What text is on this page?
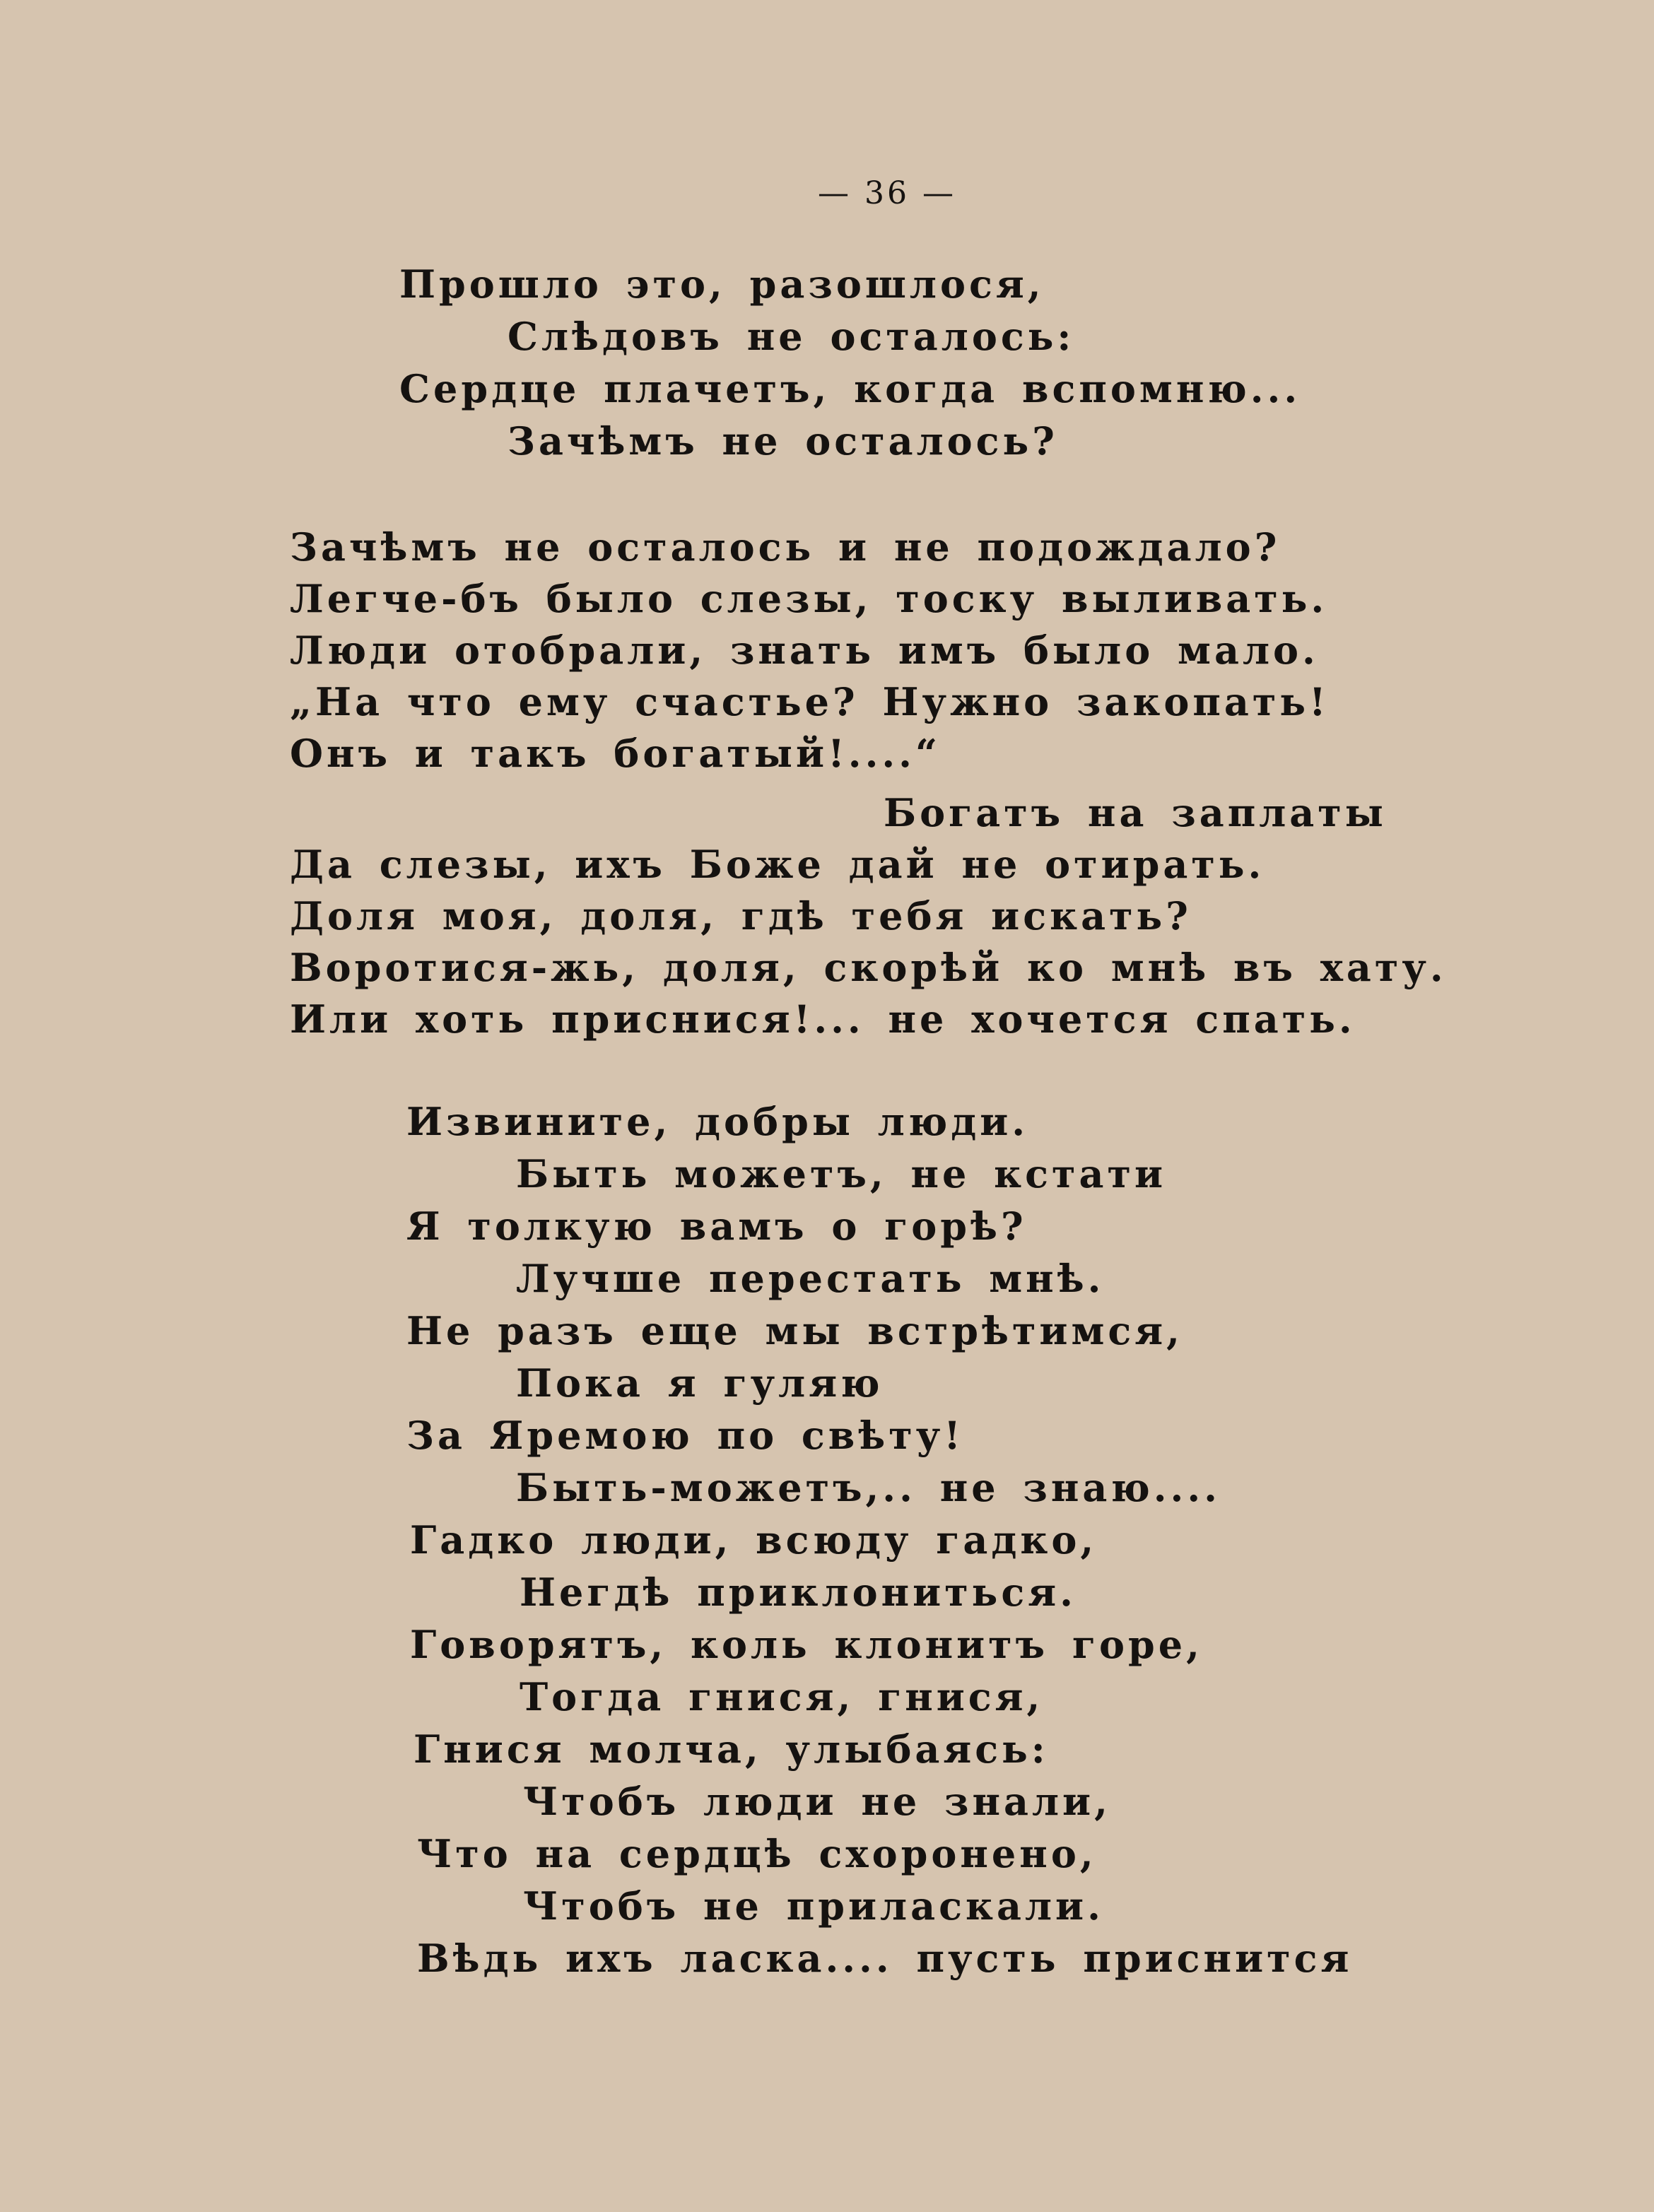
— 36 —
Прошло это, разошлося,
Слѣдовъ не осталось:
Сердце плачетъ, когда вспомню...
Зачѣмъ не осталось?
Зачѣмъ не осталось и не подождало?
Легче-бъ было слезы, тоску выливать.
Люди отобрали, знать имъ было мало.
„На что ему счастье? Нужно закопать!
Онъ и такъ богатый!....“
Богатъ на заплаты
Да слезы, ихъ Боже дай не отирать.
Доля моя, доля, гдѣ тебя искать?
Воротися-жь, доля, скорѣй ко мнѣ въ хату.
Или хоть приснися!... не хочется спать.
Извините, добры люди.
Быть можетъ, не кстати
Я толкую вамъ о горѣ?
Лучше перестать мнѣ.
Не разъ еще мы встрѣтимся,
Пока я гуляю
За Яремою по свѣту!
Быть-можетъ,.. не знаю....
Гадко люди, всюду гадко,
Негдѣ приклониться.
Говорятъ, коль клонитъ горе,
Тогда гнися, гнися,
Гнися молча, улыбаясь:
Чтобъ люди не знали,
Что на сердцѣ схоронено,
Чтобъ не приласкали.
Вѣдь ихъ ласка.... пусть приснится
